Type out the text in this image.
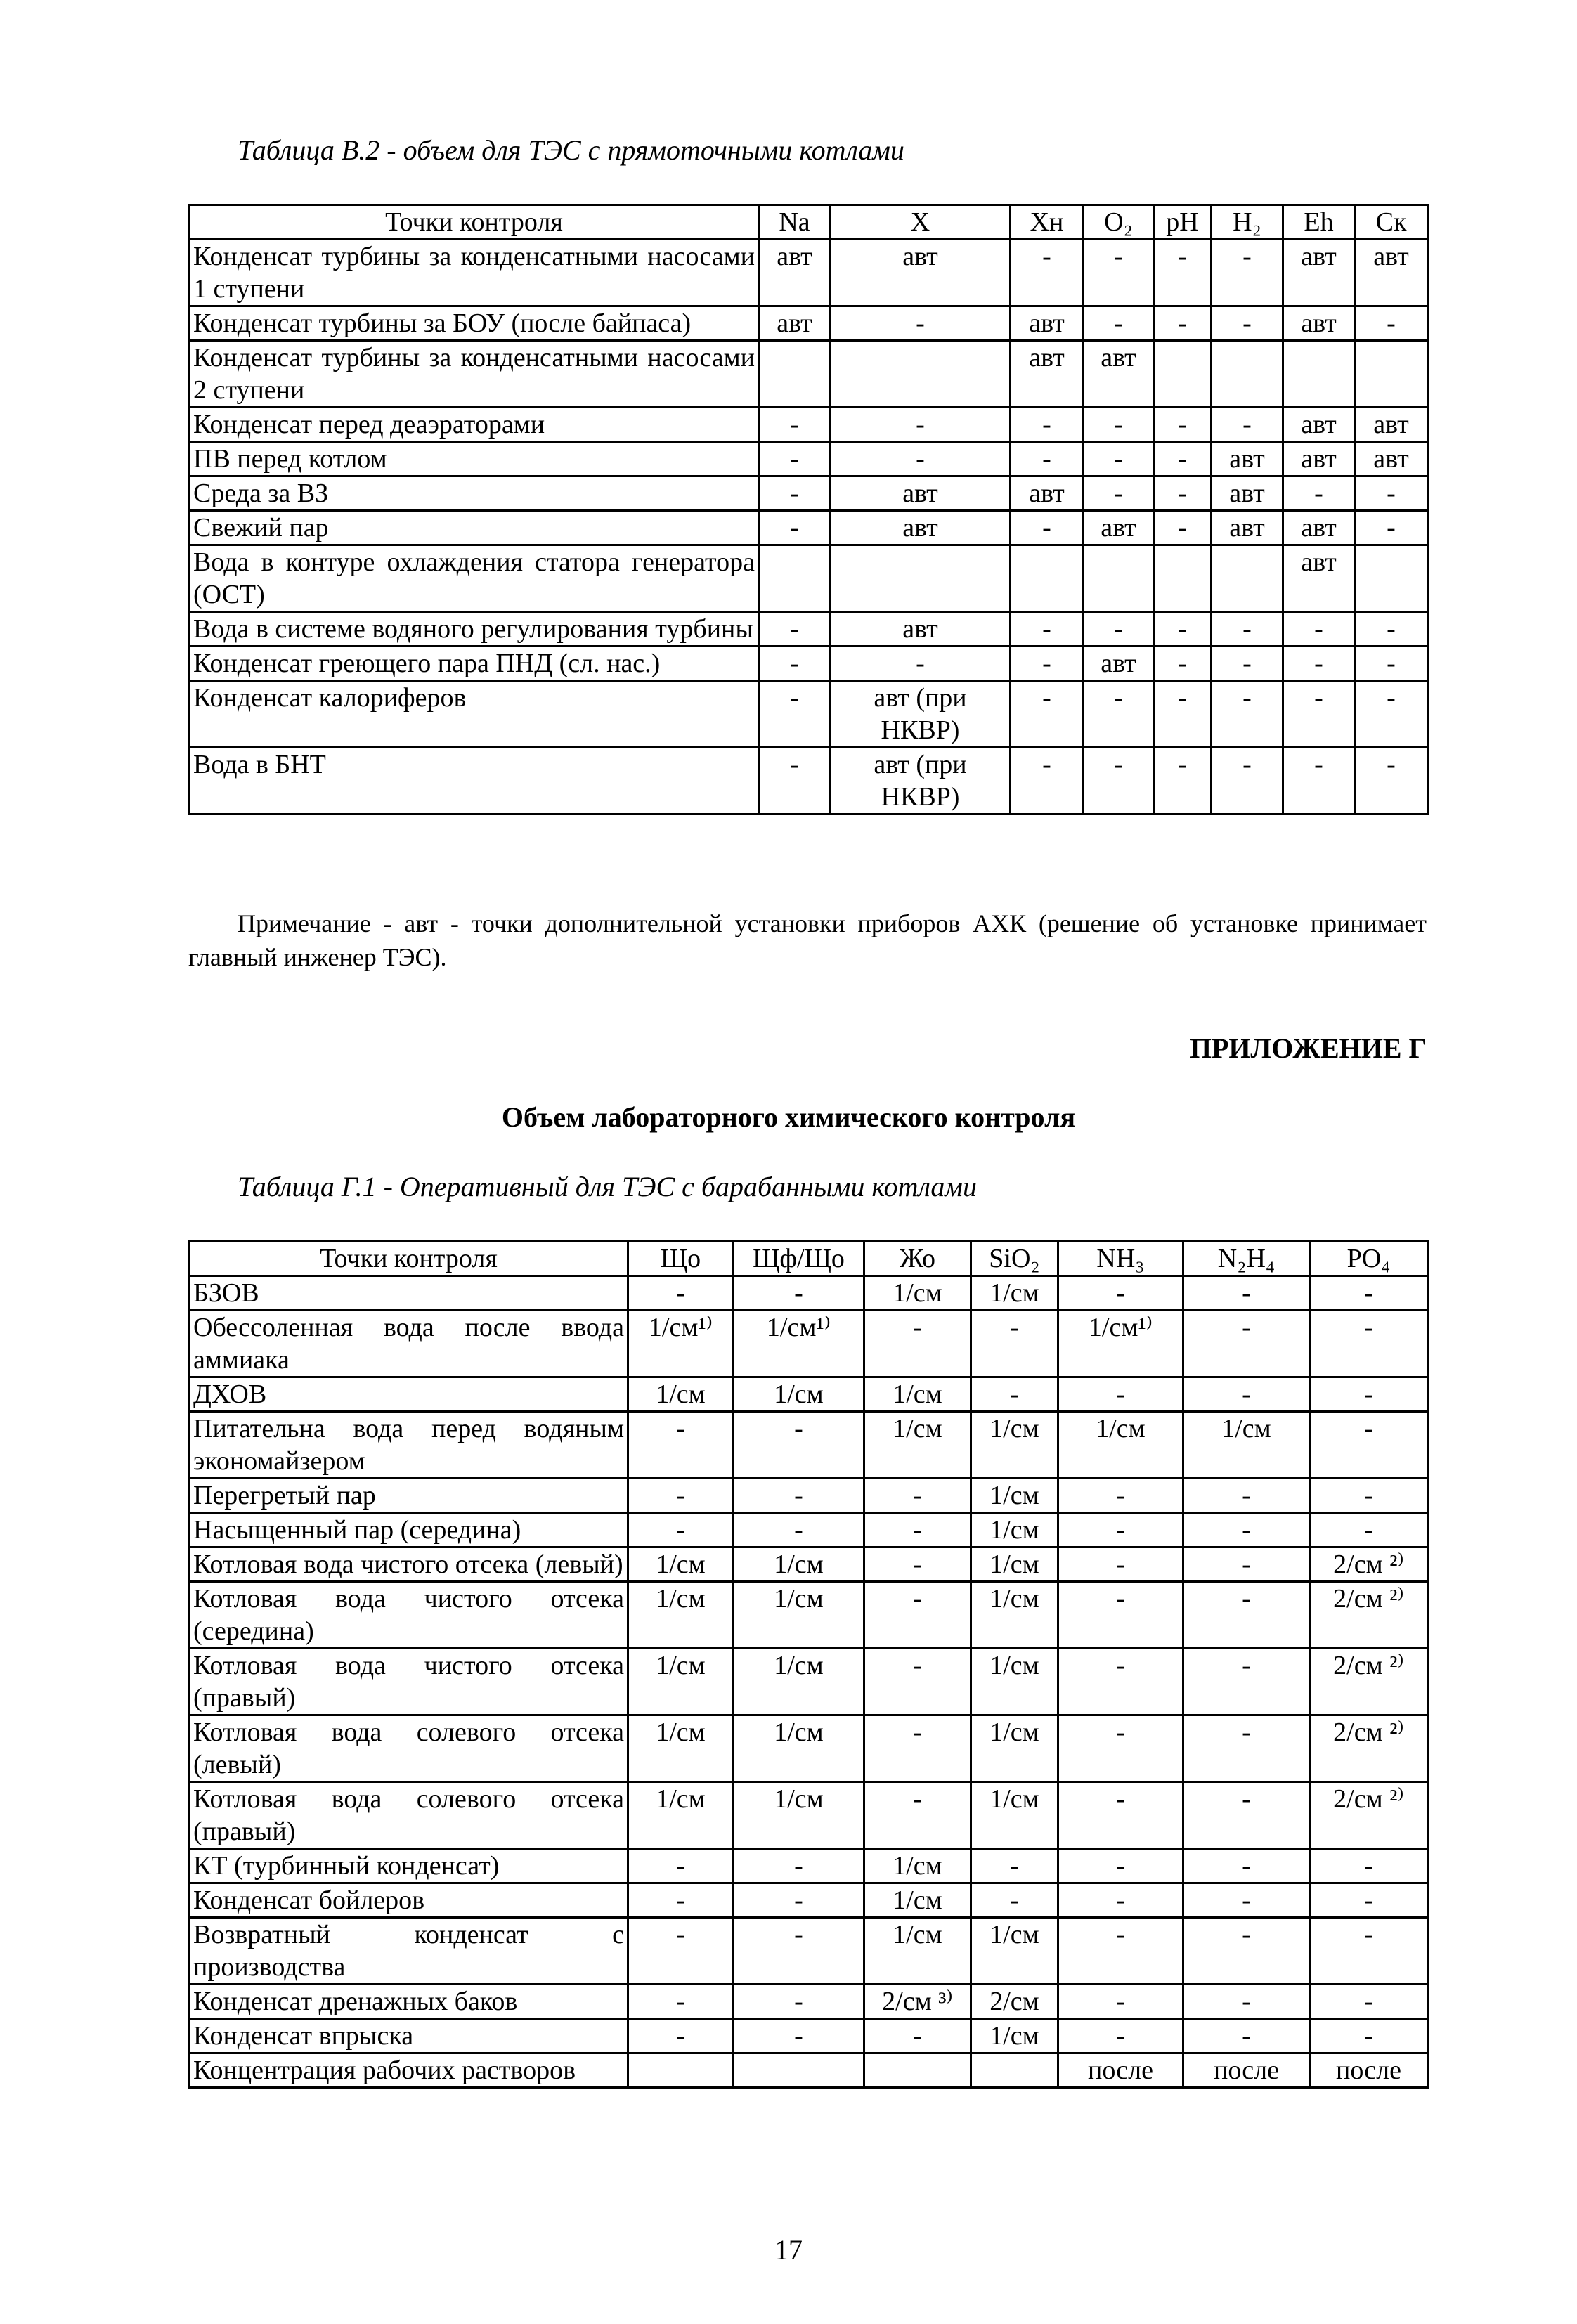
Таблица В.2 - объем для ТЭС с прямоточными котлами
Точки контроля	Na	X	Xн	O₂	pH	H₂	Eh	Cк
Конденсат турбины за конденсатными насосами 1 ступени	авт	авт	-	-	-	-	авт	авт
Конденсат турбины за БОУ (после байпаса)	авт	-	авт	-	-	-	авт	-
Конденсат турбины за конденсатными насосами 2 ступени			авт	авт				
Конденсат перед деаэраторами	-	-	-	-	-	-	авт	авт
ПВ перед котлом	-	-	-	-	-	авт	авт	авт
Среда за ВЗ	-	авт	авт	-	-	авт	-	-
Свежий пар	-	авт	-	авт	-	авт	авт	-
Вода в контуре охлаждения статора генератора (ОСТ)							авт	
Вода в системе водяного регулирования турбины	-	авт	-	-	-	-	-	-
Конденсат греющего пара ПНД (сл. нас.)	-	-	-	авт	-	-	-	-
Конденсат калориферов	-	авт (при НКВР)	-	-	-	-	-	-
Вода в БНТ	-	авт (при НКВР)	-	-	-	-	-	-
Примечание - авт - точки дополнительной установки приборов АХК (решение об установке принимает главный инженер ТЭС).
ПРИЛОЖЕНИЕ Г
Объем лабораторного химического контроля
Таблица Г.1 - Оперативный для ТЭС с барабанными котлами
Точки контроля	Щo	Щф/Що	Жо	SiO₂	NH₃	N₂H₄	PO₄
БЗОВ	-	-	1/см	1/см	-	-	-
Обессоленная вода после ввода аммиака	1/см¹⁾	1/см¹⁾	-	-	1/см¹⁾	-	-
ДХОВ	1/см	1/см	1/см	-	-	-	-
Питательна вода перед водяным экономайзером	-	-	1/см	1/см	1/см	1/см	-
Перегретый пар	-	-	-	1/см	-	-	-
Насыщенный пар (середина)	-	-	-	1/см	-	-	-
Котловая вода чистого отсека (левый)	1/см	1/см	-	1/см	-	-	2/см ²⁾
Котловая вода чистого отсека (середина)	1/см	1/см	-	1/см	-	-	2/см ²⁾
Котловая вода чистого отсека (правый)	1/см	1/см	-	1/см	-	-	2/см ²⁾
Котловая вода солевого отсека (левый)	1/см	1/см	-	1/см	-	-	2/см ²⁾
Котловая вода солевого отсека (правый)	1/см	1/см	-	1/см	-	-	2/см ²⁾
КТ (турбинный конденсат)	-	-	1/см	-	-	-	-
Конденсат бойлеров	-	-	1/см	-	-	-	-
Возвратный конденсат с производства	-	-	1/см	1/см	-	-	-
Конденсат дренажных баков	-	-	2/см ³⁾	2/см	-	-	-
Конденсат впрыска	-	-	-	1/см	-	-	-
Концентрация рабочих растворов					после	после	после
17
